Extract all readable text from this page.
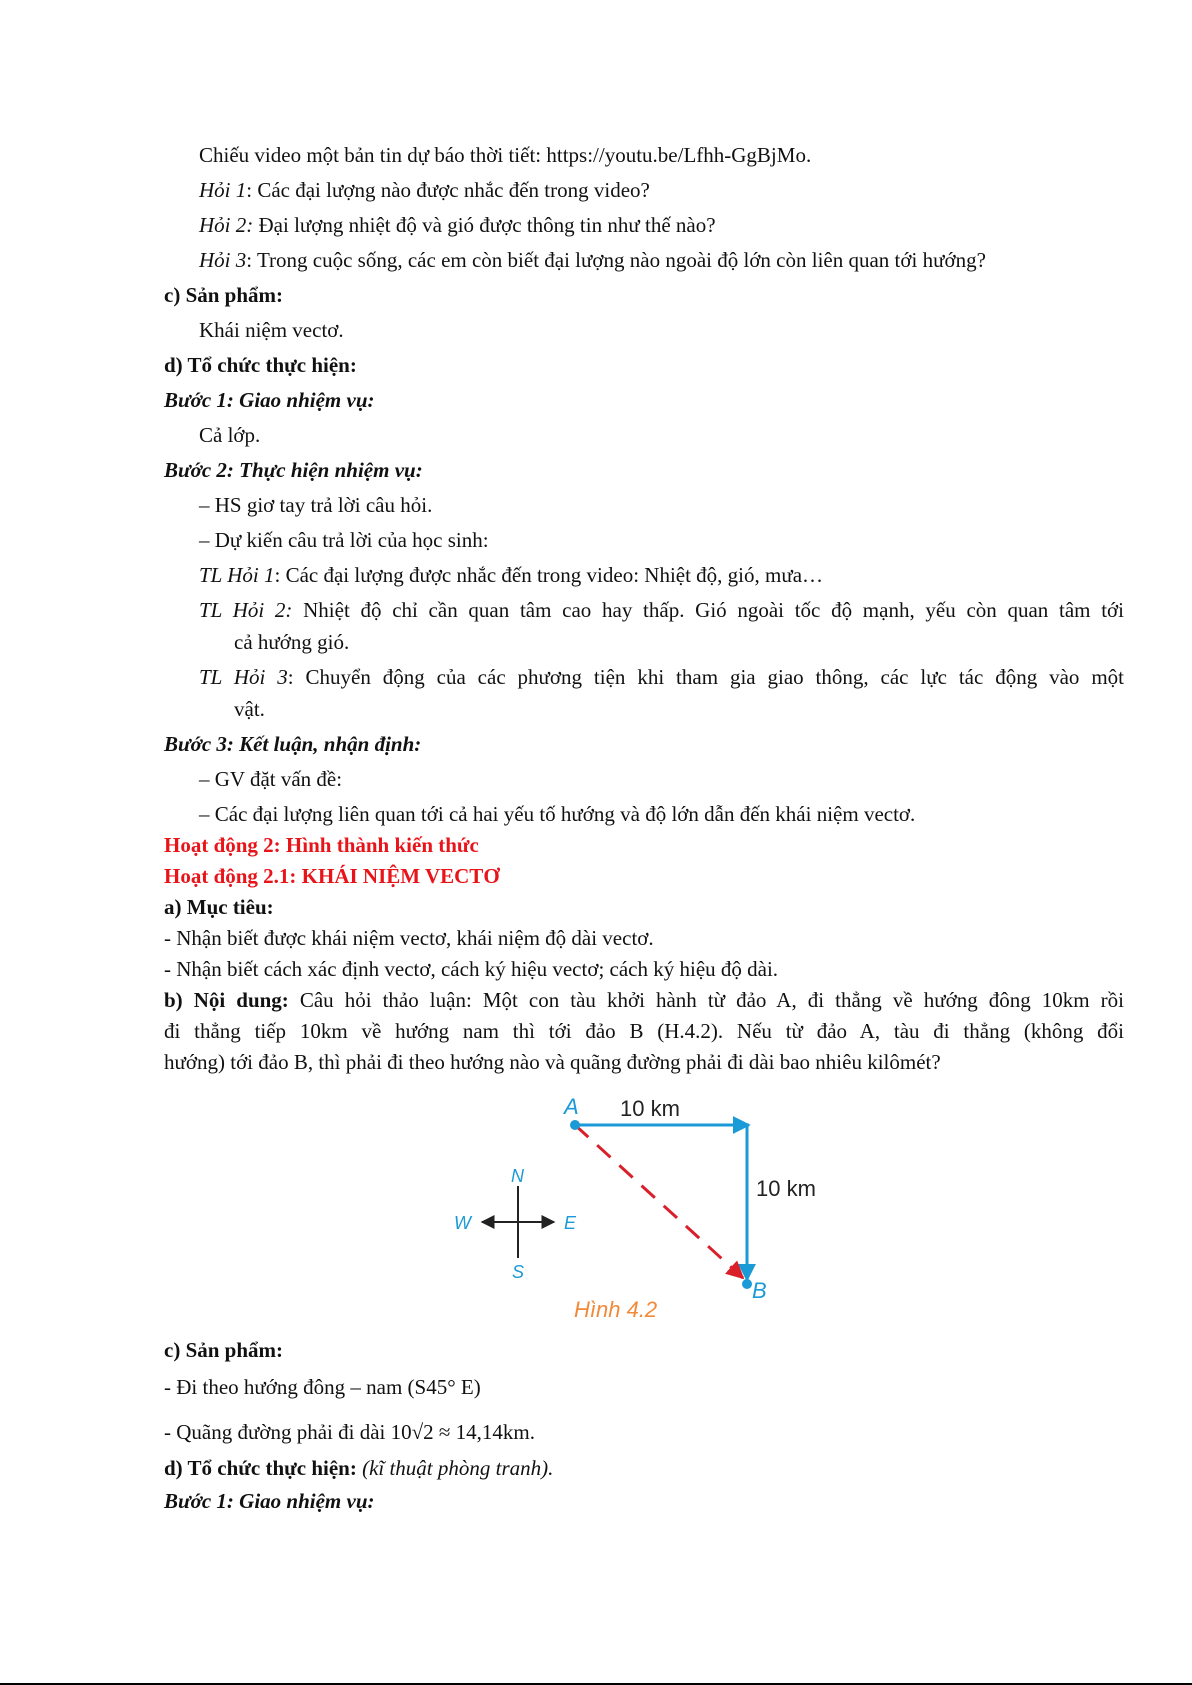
Chiếu video một bản tin dự báo thời tiết: https://youtu.be/Lfhh-GgBjMo.
Hỏi 1: Các đại lượng nào được nhắc đến trong video?
Hỏi 2: Đại lượng nhiệt độ và gió được thông tin như thế nào?
Hỏi 3: Trong cuộc sống, các em còn biết đại lượng nào ngoài độ lớn còn liên quan tới hướng?
c) Sản phẩm:
Khái niệm vectơ.
d) Tổ chức thực hiện:
Bước 1: Giao nhiệm vụ:
Cả lớp.
Bước 2: Thực hiện nhiệm vụ:
– HS giơ tay trả lời câu hỏi.
– Dự kiến câu trả lời của học sinh:
TL Hỏi 1: Các đại lượng được nhắc đến trong video: Nhiệt độ, gió, mưa…
TL Hỏi 2: Nhiệt độ chỉ cần quan tâm cao hay thấp. Gió ngoài tốc độ mạnh, yếu còn quan tâm tới
cả hướng gió.
TL Hỏi 3: Chuyển động của các phương tiện khi tham gia giao thông, các lực tác động vào một
vật.
Bước 3: Kết luận, nhận định:
– GV đặt vấn đề:
– Các đại lượng liên quan tới cả hai yếu tố hướng và độ lớn dẫn đến khái niệm vectơ.
Hoạt động 2: Hình thành kiến thức
Hoạt động 2.1: KHÁI NIỆM VECTƠ
a) Mục tiêu:
- Nhận biết được khái niệm vectơ, khái niệm độ dài vectơ.
- Nhận biết cách xác định vectơ, cách ký hiệu vectơ; cách ký hiệu độ dài.
b) Nội dung: Câu hỏi thảo luận: Một con tàu khởi hành từ đảo A, đi thẳng về hướng đông 10km rồi
đi thẳng tiếp 10km về hướng nam thì tới đảo B (H.4.2). Nếu từ đảo A, tàu đi thẳng (không đổi
hướng) tới đảo B, thì phải đi theo hướng nào và quãng đường phải đi dài bao nhiêu kilômét?
A
B
10 km
10 km
N
S
E
W
Hình 4.2
c) Sản phẩm:
- Đi theo hướng đông – nam (S45° E)
- Quãng đường phải đi dài 10√2 ≈ 14,14km.
d) Tổ chức thực hiện: (kĩ thuật phòng tranh).
Bước 1: Giao nhiệm vụ:
